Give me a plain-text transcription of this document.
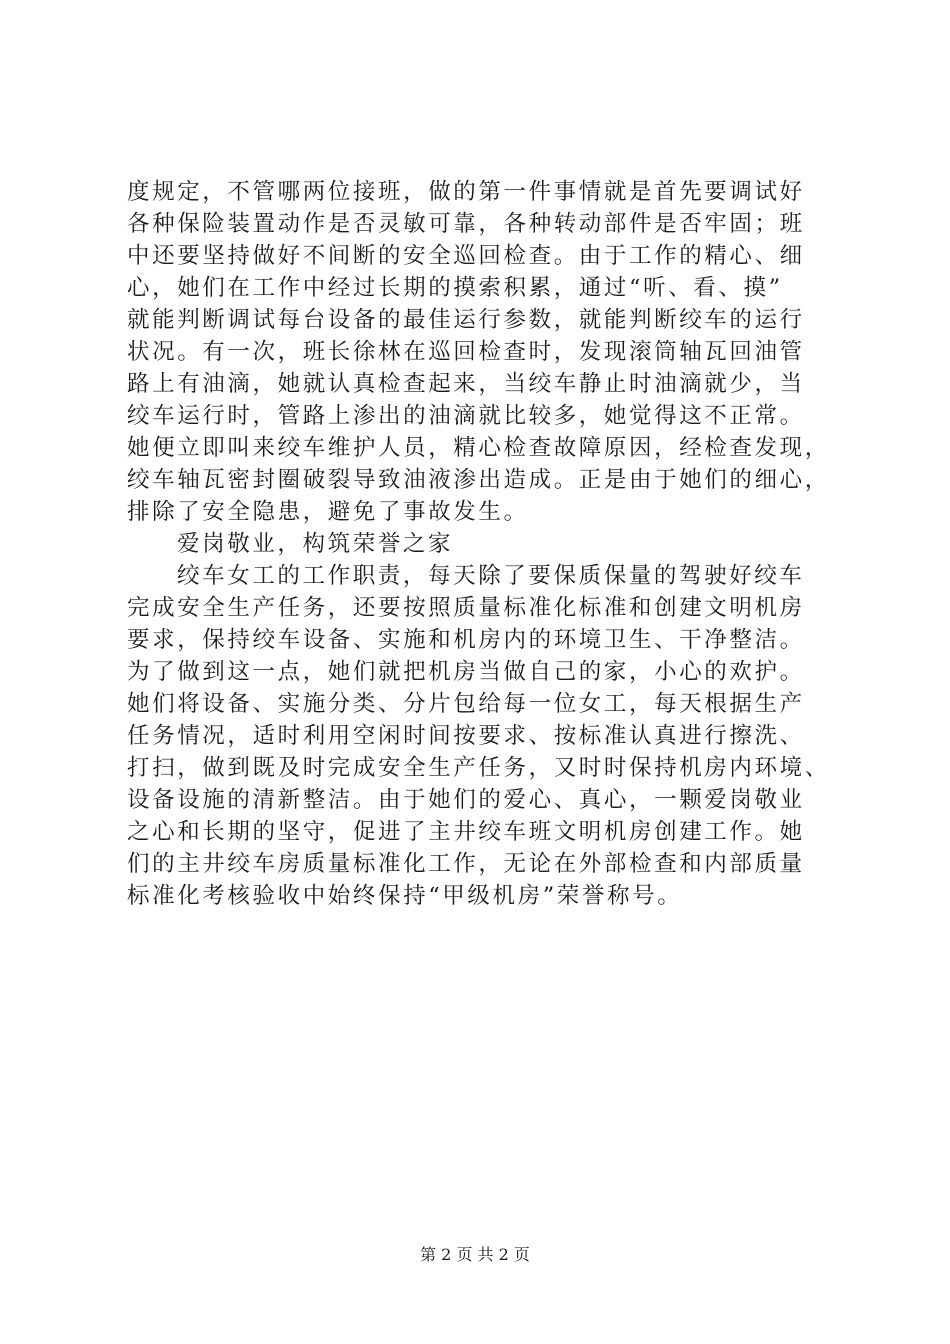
度规定，不管哪两位接班，做的第一件事情就是首先要调试好
各种保险装置动作是否灵敏可靠，各种转动部件是否牢固；班
中还要坚持做好不间断的安全巡回检查。由于工作的精心、细
心，她们在工作中经过长期的摸索积累，通过“听、看、摸”
就能判断调试每台设备的最佳运行参数，就能判断绞车的运行
状况。有一次，班长徐林在巡回检查时，发现滚筒轴瓦回油管
路上有油滴，她就认真检查起来，当绞车静止时油滴就少，当
绞车运行时，管路上渗出的油滴就比较多，她觉得这不正常。
她便立即叫来绞车维护人员，精心检查故障原因，经检查发现，
绞车轴瓦密封圈破裂导致油液渗出造成。正是由于她们的细心，
排除了安全隐患，避免了事故发生。
爱岗敬业，构筑荣誉之家
绞车女工的工作职责，每天除了要保质保量的驾驶好绞车
完成安全生产任务，还要按照质量标准化标准和创建文明机房
要求，保持绞车设备、实施和机房内的环境卫生、干净整洁。
为了做到这一点，她们就把机房当做自己的家，小心的欢护。
她们将设备、实施分类、分片包给每一位女工，每天根据生产
任务情况，适时利用空闲时间按要求、按标准认真进行擦洗、
打扫，做到既及时完成安全生产任务，又时时保持机房内环境、
设备设施的清新整洁。由于她们的爱心、真心，一颗爱岗敬业
之心和长期的坚守，促进了主井绞车班文明机房创建工作。她
们的主井绞车房质量标准化工作，无论在外部检查和内部质量
标准化考核验收中始终保持“甲级机房”荣誉称号。
第 2 页 共 2 页
